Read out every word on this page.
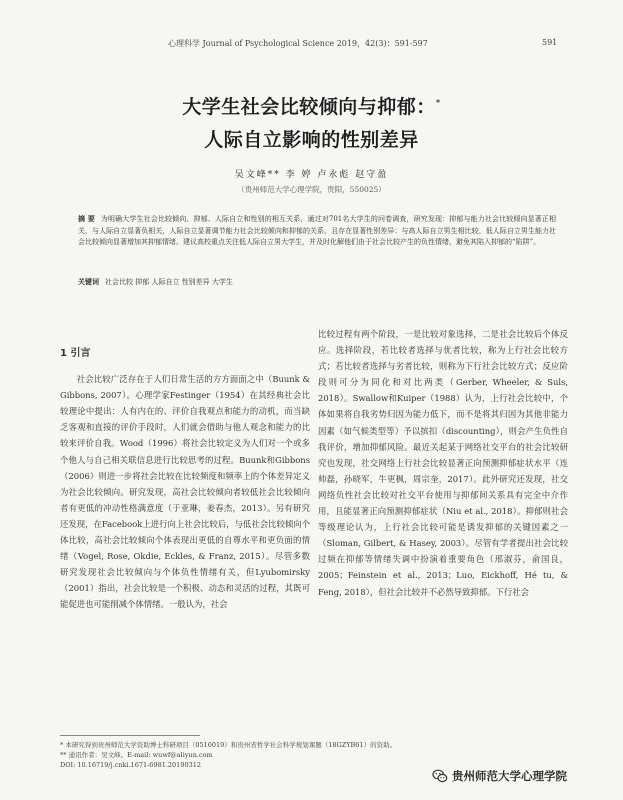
心理科学 Journal of Psychological Science 2019，42(3)：591-597	591
大学生社会比较倾向与抑郁：*
人际自立影响的性别差异
吴文峰** 李 婷 卢永彪 赵守盈
（贵州师范大学心理学院，贵阳，550025）
摘 要 为明确大学生社会比较倾向、抑郁、人际自立和性别的相互关系，通过对701名大学生的问卷调查，研究发现：抑郁与能力社会比较倾向显著正相关，与人际自立显著负相关，人际自立显著调节能力社会比较倾向和抑郁的关系，且存在显著性别差异：与高人际自立男生相比较，低人际自立男生能力社会比较倾向显著增加其抑郁情绪。建议高校重点关注低人际自立男大学生，并及时化解他们由于社会比较产生的负性情绪，避免其陷入抑郁的“陷阱”。
关键词 社会比较 抑郁 人际自立 性别差异 大学生
1 引言

社会比较广泛存在于人们日常生活的方方面面之中（Buunk & Gibbons, 2007）。心理学家Festinger（1954）在其经典社会比较理论中提出：人有内在的、评价自我观点和能力的动机，而当缺乏客观和直接的评价手段时，人们就会借助与他人观念和能力的比较来评价自我。Wood（1996）将社会比较定义为人们对一个或多个他人与自己相关联信息进行比较思考的过程。Buunk和Gibbons（2006）则进一步将社会比较在比较频度和频率上的个体差异定义为社会比较倾向。研究发现，高社会比较倾向者较低社会比较倾向者有更低的冲动性格满意度（于亚琳，姜春杰，2013）。另有研究还发现，在Facebook上进行向上社会比较后，与低社会比较倾向个体比较，高社会比较倾向个体表现出更低的自尊水平和更负面的情绪（Vogel, Rose, Okdie, Eckles, & Franz, 2015）。尽管多数研究发现社会比较倾向与个体负性情绪有关，但Lyubomirsky（2001）指出，社会比较是一个积极、动态和灵活的过程，其既可能促进也可能削减个体情绪。一般认为，社会

比较过程有两个阶段，一是比较对象选择，二是社会比较后个体反应。选择阶段，若比较者选择与优者比较，称为上行社会比较方式；若比较者选择与劣者比较，则称为下行社会比较方式；反应阶段则可分为同化和对比两类（Gerber, Wheeler, & Suls, 2018）。Swallow和Kuiper（1988）认为，上行社会比较中，个体如果将自我劣势归因为能力低下，而不是将其归因为其他非能力因素（如气候类型等）予以摈扣（discounting），则会产生负性自我评价，增加抑郁风险。最近关起某于网络社交平台的社会比较研究也发现，社交网络上行社会比较显著正向预测抑郁症状水平（连帅磊，孙晓军，牛更枫，周宗奎，2017）。此外研究还发现，社交网络负性社会比较对社交平台使用与抑郁间关系具有完全中介作用，且能显著正向预测抑郁症状（Niu et al., 2018）。抑郁则社会等级理论认为，上行社会比较可能是诱发抑郁的关键因素之一（Sloman, Gilbert, & Hasey, 2003）。尽管有学者提出社会比较过频在抑郁等情绪失调中扮演着重要角色（邢淑芬，俞国良，2005；Feinstein et al., 2013；Luo, Eickhoff, Hé tu, & Feng, 2018），但社会比较并不必然导致抑郁。下行社会

* 本研究得到贵州师范大学资助博士科研项目（0516019）和贵州省哲学社会科学规划课题（18GZYB61）的资助。
** 通讯作者：吴文峰。E-mail: wuwf@aliyun.com
DOI: 10.16719/j.cnki.1671-6981.20190312
贵州师范大学心理学院
